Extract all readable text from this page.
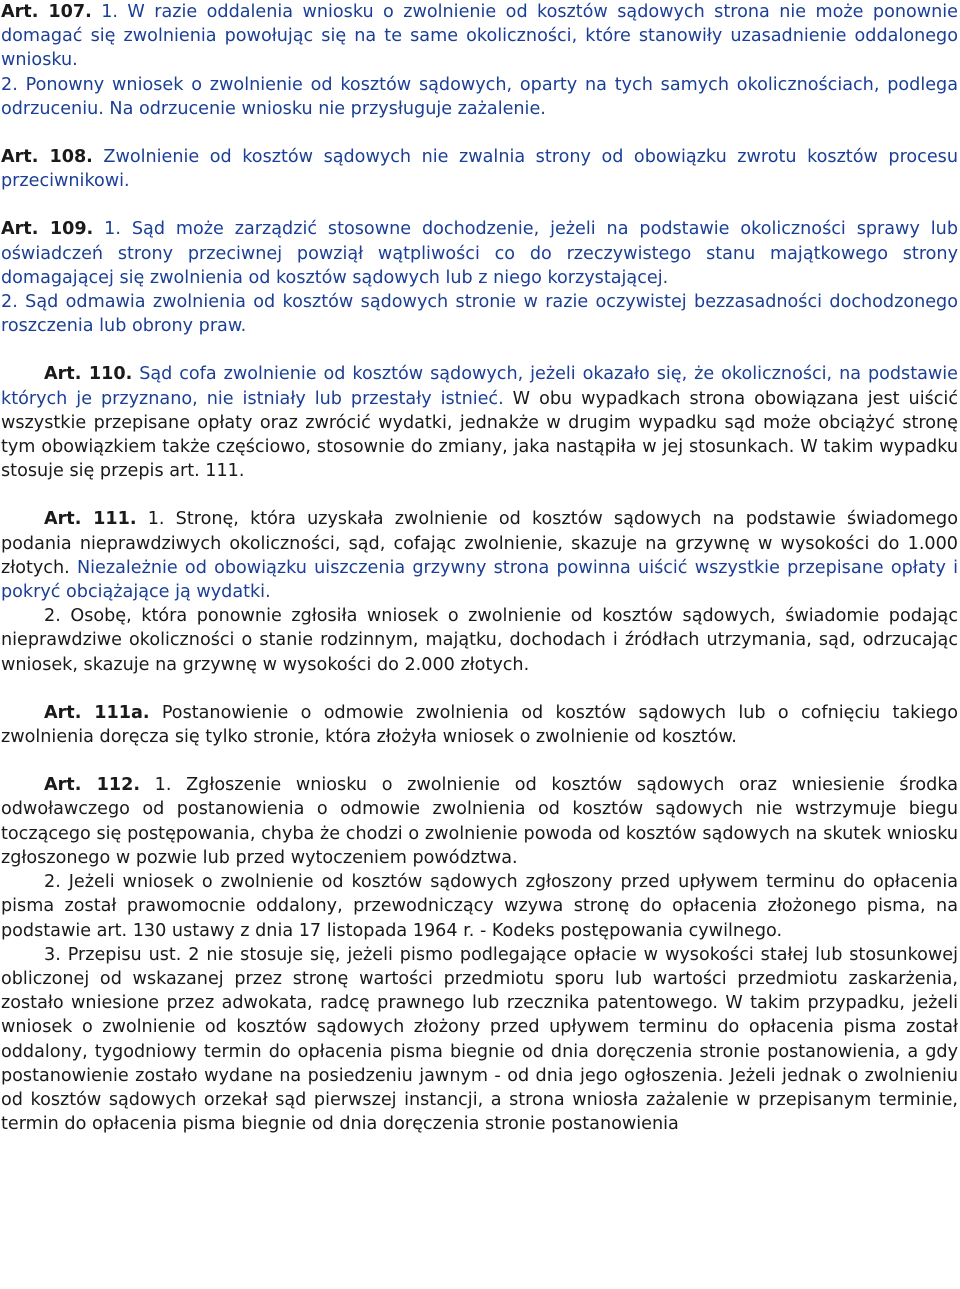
Art. 107. 1. W razie oddalenia wniosku o zwolnienie od kosztów sądowych strona nie może ponownie domagać się zwolnienia powołując się na te same okoliczności, które stanowiły uzasadnienie oddalonego wniosku.

2. Ponowny wniosek o zwolnienie od kosztów sądowych, oparty na tych samych okolicznościach, podlega odrzuceniu. Na odrzucenie wniosku nie przysługuje zażalenie.

Art. 108. Zwolnienie od kosztów sądowych nie zwalnia strony od obowiązku zwrotu kosztów procesu przeciwnikowi.

Art. 109. 1. Sąd może zarządzić stosowne dochodzenie, jeżeli na podstawie okoliczności sprawy lub oświadczeń strony przeciwnej powziął wątpliwości co do rzeczywistego stanu majątkowego strony domagającej się zwolnienia od kosztów sądowych lub z niego korzystającej.

2. Sąd odmawia zwolnienia od kosztów sądowych stronie w razie oczywistej bezzasadności dochodzonego roszczenia lub obrony praw.

Art. 110. Sąd cofa zwolnienie od kosztów sądowych, jeżeli okazało się, że okoliczności, na podstawie których je przyznano, nie istniały lub przestały istnieć. W obu wypadkach strona obowiązana jest uiścić wszystkie przepisane opłaty oraz zwrócić wydatki, jednakże w drugim wypadku sąd może obciążyć stronę tym obowiązkiem także częściowo, stosownie do zmiany, jaka nastąpiła w jej stosunkach. W takim wypadku stosuje się przepis art. 111.

Art. 111. 1. Stronę, która uzyskała zwolnienie od kosztów sądowych na podstawie świadomego podania nieprawdziwych okoliczności, sąd, cofając zwolnienie, skazuje na grzywnę w wysokości do 1.000 złotych. Niezależnie od obowiązku uiszczenia grzywny strona powinna uiścić wszystkie przepisane opłaty i pokryć obciążające ją wydatki.

2. Osobę, która ponownie zgłosiła wniosek o zwolnienie od kosztów sądowych, świadomie podając nieprawdziwe okoliczności o stanie rodzinnym, majątku, dochodach i źródłach utrzymania, sąd, odrzucając wniosek, skazuje na grzywnę w wysokości do 2.000 złotych.

Art. 111a. Postanowienie o odmowie zwolnienia od kosztów sądowych lub o cofnięciu takiego zwolnienia doręcza się tylko stronie, która złożyła wniosek o zwolnienie od kosztów.

Art. 112. 1. Zgłoszenie wniosku o zwolnienie od kosztów sądowych oraz wniesienie środka odwoławczego od postanowienia o odmowie zwolnienia od kosztów sądowych nie wstrzymuje biegu toczącego się postępowania, chyba że chodzi o zwolnienie powoda od kosztów sądowych na skutek wniosku zgłoszonego w pozwie lub przed wytoczeniem powództwa.

2. Jeżeli wniosek o zwolnienie od kosztów sądowych zgłoszony przed upływem terminu do opłacenia pisma został prawomocnie oddalony, przewodniczący wzywa stronę do opłacenia złożonego pisma, na podstawie art. 130 ustawy z dnia 17 listopada 1964 r. - Kodeks postępowania cywilnego.

3. Przepisu ust. 2 nie stosuje się, jeżeli pismo podlegające opłacie w wysokości stałej lub stosunkowej obliczonej od wskazanej przez stronę wartości przedmiotu sporu lub wartości przedmiotu zaskarżenia, zostało wniesione przez adwokata, radcę prawnego lub rzecznika patentowego. W takim przypadku, jeżeli wniosek o zwolnienie od kosztów sądowych złożony przed upływem terminu do opłacenia pisma został oddalony, tygodniowy termin do opłacenia pisma biegnie od dnia doręczenia stronie postanowienia, a gdy postanowienie zostało wydane na posiedzeniu jawnym - od dnia jego ogłoszenia. Jeżeli jednak o zwolnieniu od kosztów sądowych orzekał sąd pierwszej instancji, a strona wniosła zażalenie w przepisanym terminie, termin do opłacenia pisma biegnie od dnia doręczenia stronie postanowienia
